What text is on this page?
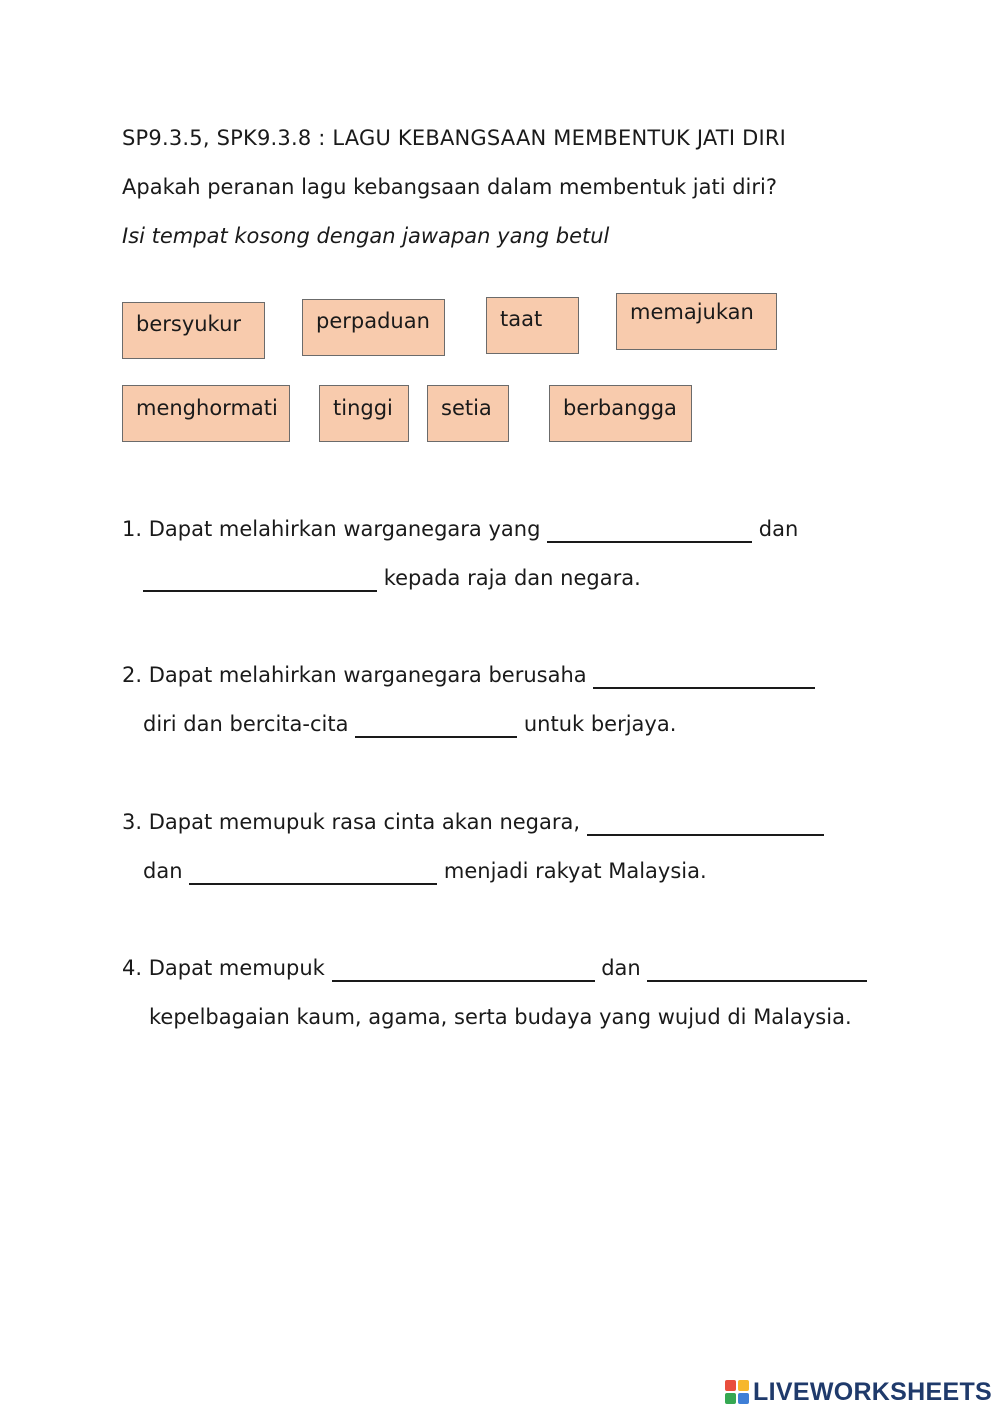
SP9.3.5, SPK9.3.8 : LAGU KEBANGSAAN MEMBENTUK JATI DIRI
Apakah peranan lagu kebangsaan dalam membentuk jati diri?
Isi tempat kosong dengan jawapan yang betul
bersyukur	perpaduan	taat	memajukan
menghormati	tinggi	setia	berbangga
1. Dapat melahirkan warganegara yang	dan
kepada raja dan negara.
2. Dapat melahirkan warganegara berusaha
diri dan bercita-cita	untuk berjaya.
3. Dapat memupuk rasa cinta akan negara,
dan	menjadi rakyat Malaysia.
4. Dapat memupuk	dan
kepelbagaian kaum, agama, serta budaya yang wujud di Malaysia.
LIVEWORKSHEETS
